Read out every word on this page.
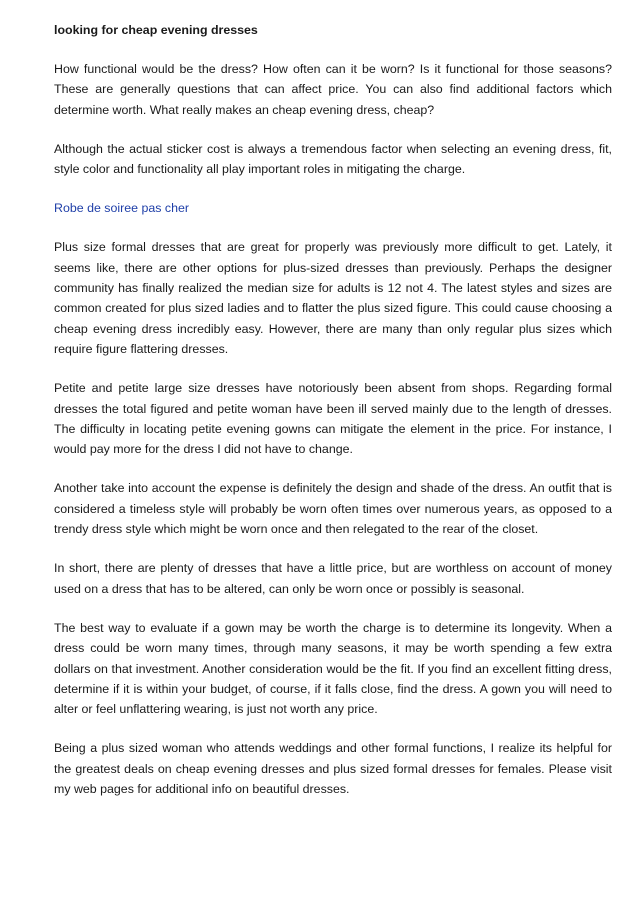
looking for cheap evening dresses

How functional would be the dress? How often can it be worn? Is it functional for those seasons? These are generally questions that can affect price. You can also find additional factors which determine worth. What really makes an cheap evening dress, cheap?

Although the actual sticker cost is always a tremendous factor when selecting an evening dress, fit, style color and functionality all play important roles in mitigating the charge.

Robe de soiree pas cher

Plus size formal dresses that are great for properly was previously more difficult to get. Lately, it seems like, there are other options for plus-sized dresses than previously. Perhaps the designer community has finally realized the median size for adults is 12 not 4. The latest styles and sizes are common created for plus sized ladies and to flatter the plus sized figure. This could cause choosing a cheap evening dress incredibly easy. However, there are many than only regular plus sizes which require figure flattering dresses.

Petite and petite large size dresses have notoriously been absent from shops. Regarding formal dresses the total figured and petite woman have been ill served mainly due to the length of dresses. The difficulty in locating petite evening gowns can mitigate the element in the price. For instance, I would pay more for the dress I did not have to change.

Another take into account the expense is definitely the design and shade of the dress. An outfit that is considered a timeless style will probably be worn often times over numerous years, as opposed to a trendy dress style which might be worn once and then relegated to the rear of the closet.

In short, there are plenty of dresses that have a little price, but are worthless on account of money used on a dress that has to be altered, can only be worn once or possibly is seasonal.

The best way to evaluate if a gown may be worth the charge is to determine its longevity. When a dress could be worn many times, through many seasons, it may be worth spending a few extra dollars on that investment. Another consideration would be the fit. If you find an excellent fitting dress, determine if it is within your budget, of course, if it falls close, find the dress. A gown you will need to alter or feel unflattering wearing, is just not worth any price.

Being a plus sized woman who attends weddings and other formal functions, I realize its helpful for the greatest deals on cheap evening dresses and plus sized formal dresses for females. Please visit my web pages for additional info on beautiful dresses.
